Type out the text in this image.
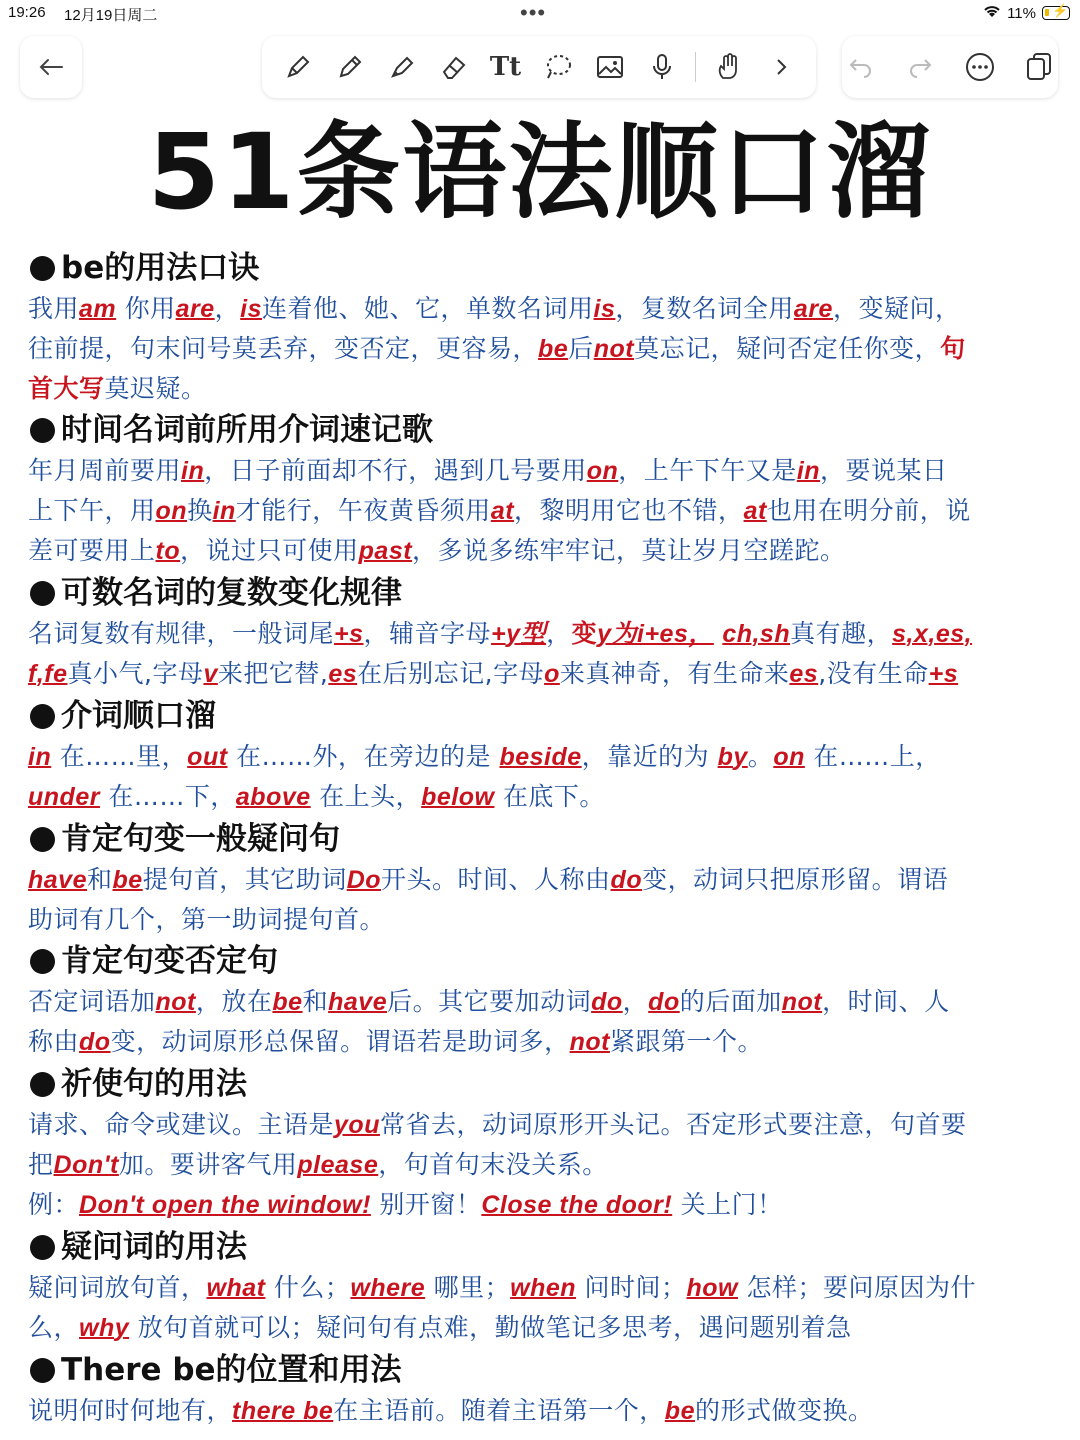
19:26 12月19日周二	•••	11% ⚡
Tt
51条语法顺口溜
be的用法口诀
我用am 你用are，is连着他、她、它，单数名词用is，复数名词全用are，变疑问，
往前提，句末问号莫丢弃，变否定，更容易，be后not莫忘记，疑问否定任你变，句
首大写莫迟疑。
时间名词前所用介词速记歌
年月周前要用in，日子前面却不行，遇到几号要用on，上午下午又是in，要说某日
上下午，用on换in才能行，午夜黄昏须用at，黎明用它也不错，at也用在明分前，说
差可要用上to，说过只可使用past，多说多练牢牢记，莫让岁月空蹉跎。
可数名词的复数变化规律
名词复数有规律，一般词尾+s，辅音字母+y型，变y为i+es， ch,sh真有趣，s,x,es,
f,fe真小气,字母v来把它替,es在后别忘记,字母o来真神奇，有生命来es,没有生命+s
介词顺口溜
in 在……里，out 在……外，在旁边的是 beside，靠近的为 by。on 在……上，
under 在……下，above 在上头，below 在底下。
肯定句变一般疑问句
have和be提句首，其它助词Do开头。时间、人称由do变，动词只把原形留。谓语
助词有几个，第一助词提句首。
肯定句变否定句
否定词语加not，放在be和have后。其它要加动词do，do的后面加not，时间、人
称由do变，动词原形总保留。谓语若是助词多，not紧跟第一个。
祈使句的用法
请求、命令或建议。主语是you常省去，动词原形开头记。否定形式要注意，句首要
把Don't加。要讲客气用please，句首句末没关系。
例：Don't open the window! 别开窗！Close the door! 关上门！
疑问词的用法
疑问词放句首，what 什么；where 哪里；when 问时间；how 怎样；要问原因为什
么，why 放句首就可以；疑问句有点难，勤做笔记多思考，遇问题别着急
There be的位置和用法
说明何时何地有，there be在主语前。随着主语第一个，be的形式做变换。
